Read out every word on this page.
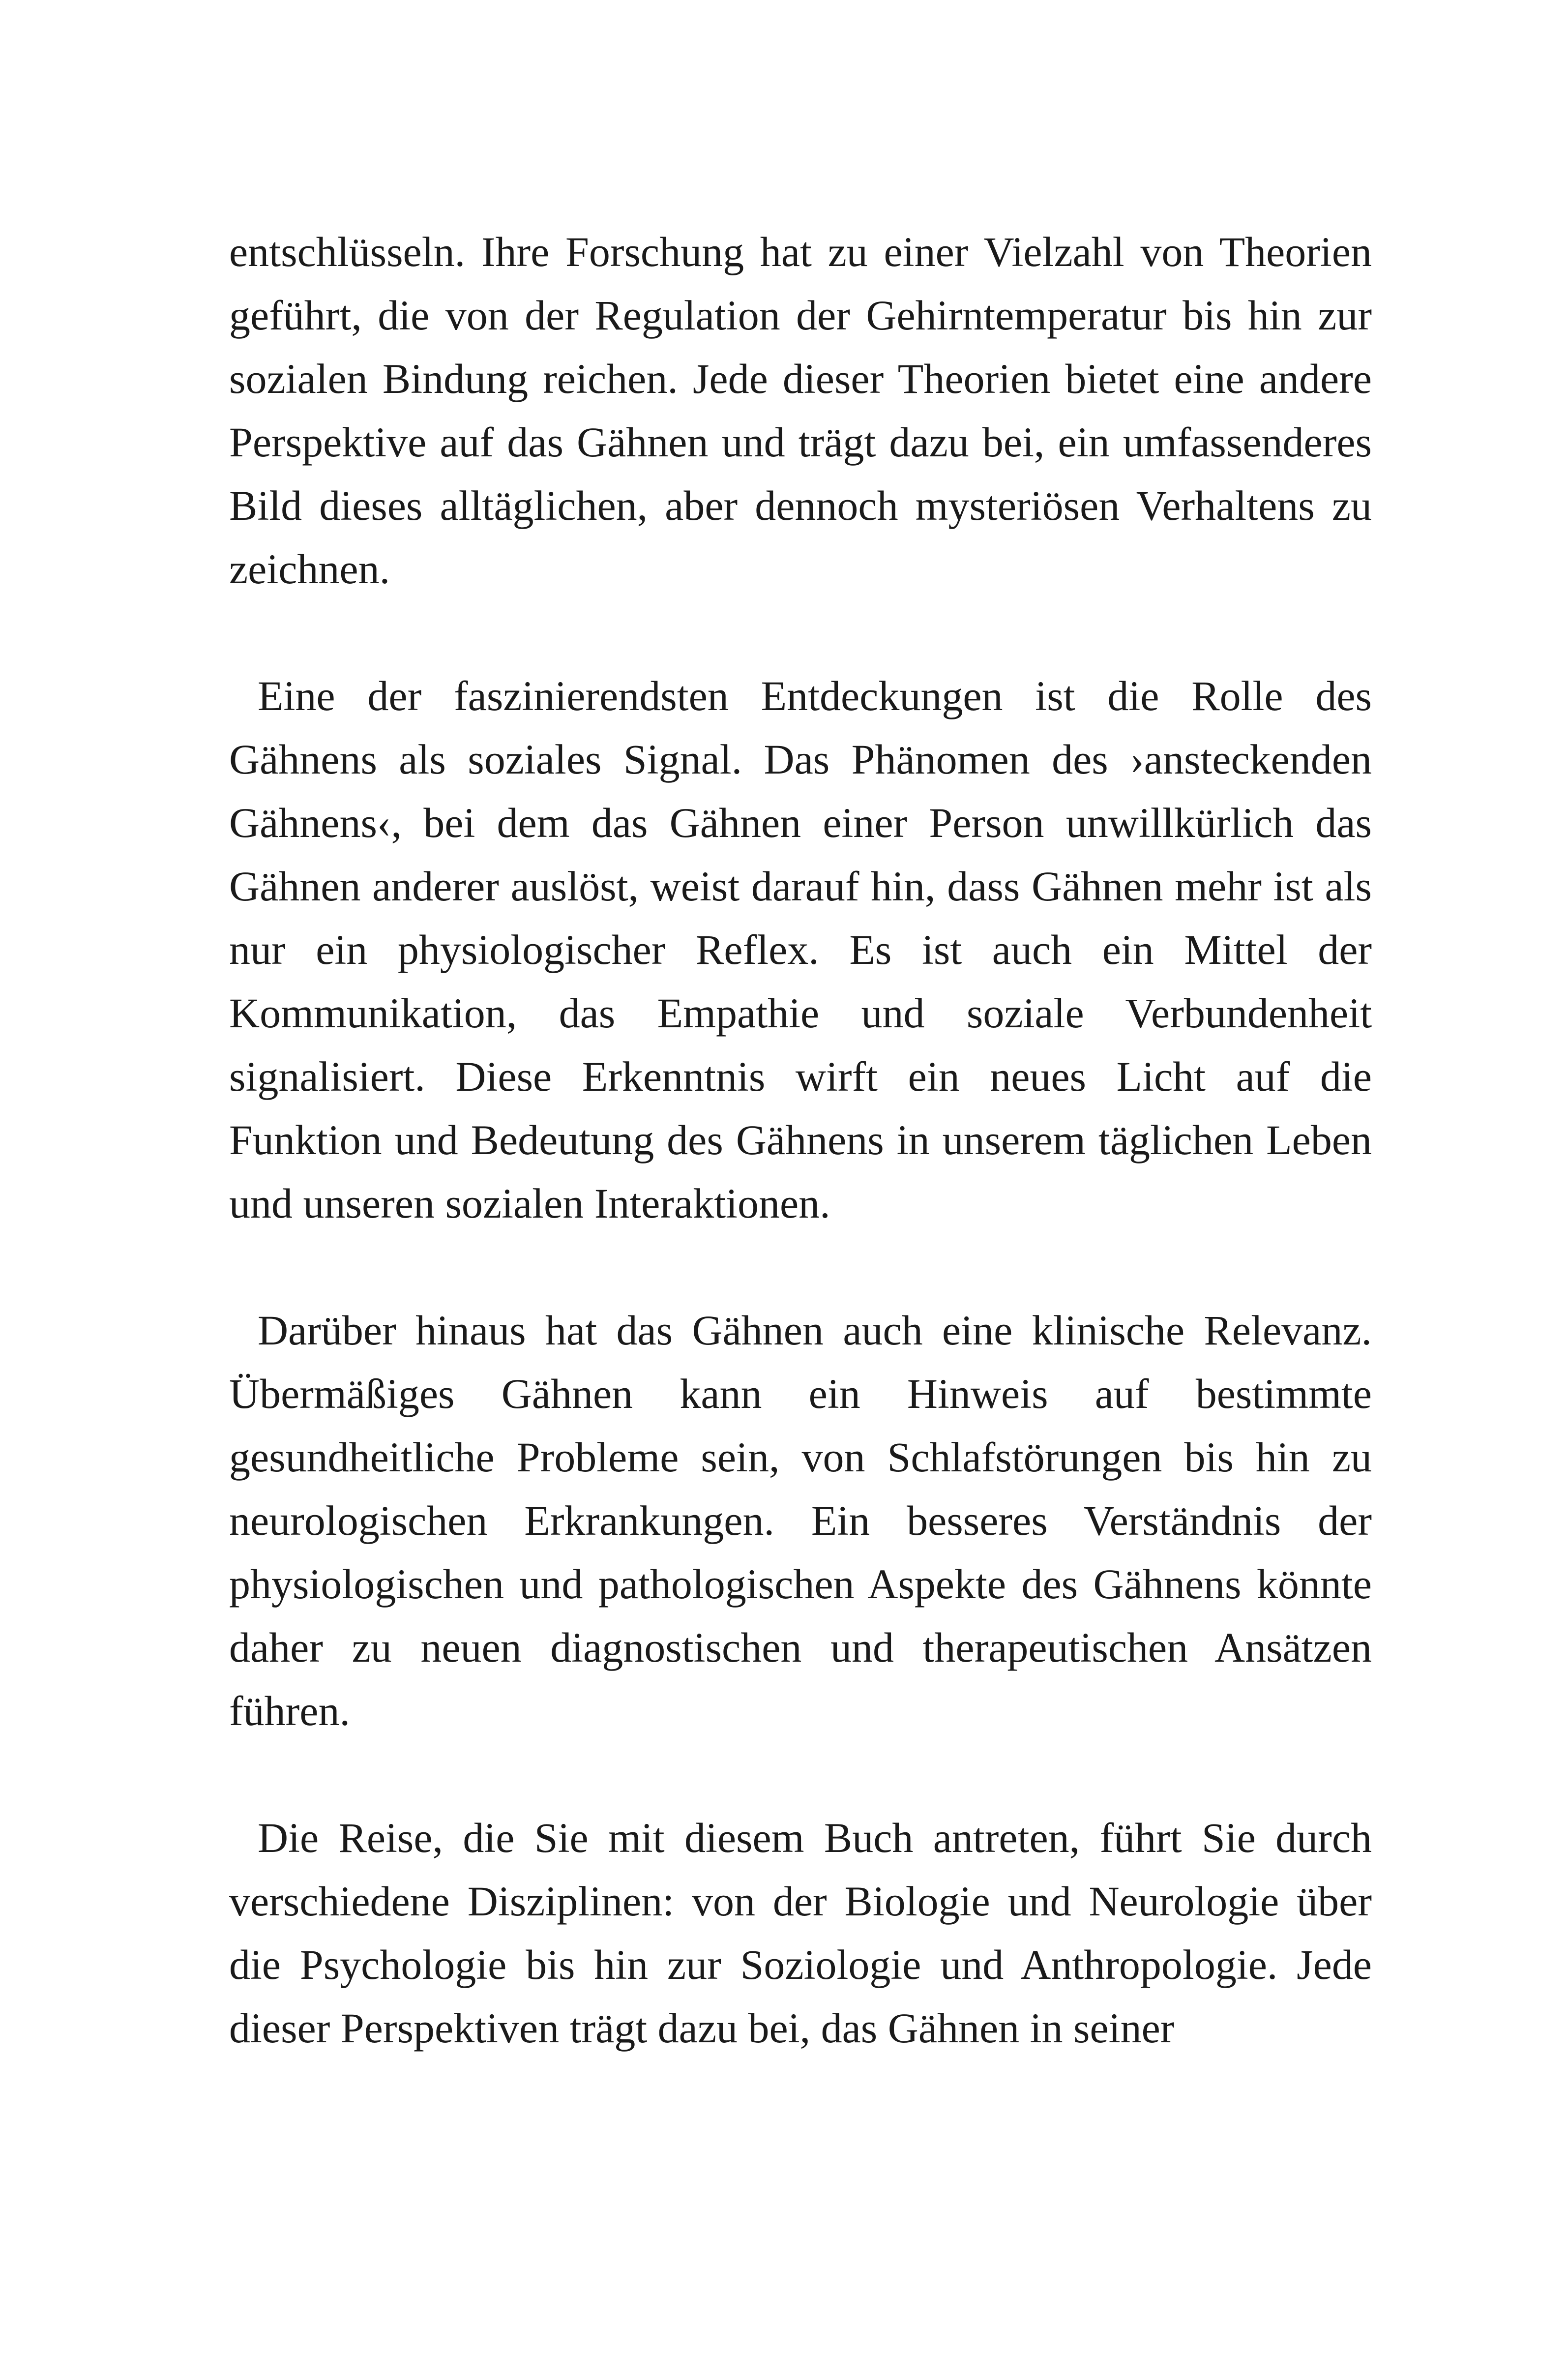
entschlüsseln. Ihre Forschung hat zu einer Vielzahl von Theorien geführt, die von der Regulation der Gehirntemperatur bis hin zur sozialen Bindung reichen. Jede dieser Theorien bietet eine andere Perspektive auf das Gähnen und trägt dazu bei, ein umfassenderes Bild dieses alltäglichen, aber dennoch mysteriösen Verhaltens zu zeichnen.

Eine der faszinierendsten Entdeckungen ist die Rolle des Gähnens als soziales Signal. Das Phänomen des ›ansteckenden Gähnens‹, bei dem das Gähnen einer Person unwillkürlich das Gähnen anderer auslöst, weist darauf hin, dass Gähnen mehr ist als nur ein physiologischer Reflex. Es ist auch ein Mittel der Kommunikation, das Empathie und soziale Verbundenheit signalisiert. Diese Erkenntnis wirft ein neues Licht auf die Funktion und Bedeutung des Gähnens in unserem täglichen Leben und unseren sozialen Interaktionen.

Darüber hinaus hat das Gähnen auch eine klinische Relevanz. Übermäßiges Gähnen kann ein Hinweis auf bestimmte gesundheitliche Probleme sein, von Schlafstörungen bis hin zu neurologischen Erkrankungen. Ein besseres Verständnis der physiologischen und pathologischen Aspekte des Gähnens könnte daher zu neuen diagnostischen und therapeutischen Ansätzen führen.

Die Reise, die Sie mit diesem Buch antreten, führt Sie durch verschiedene Disziplinen: von der Biologie und Neurologie über die Psychologie bis hin zur Soziologie und Anthropologie. Jede dieser Perspektiven trägt dazu bei, das Gähnen in seiner
